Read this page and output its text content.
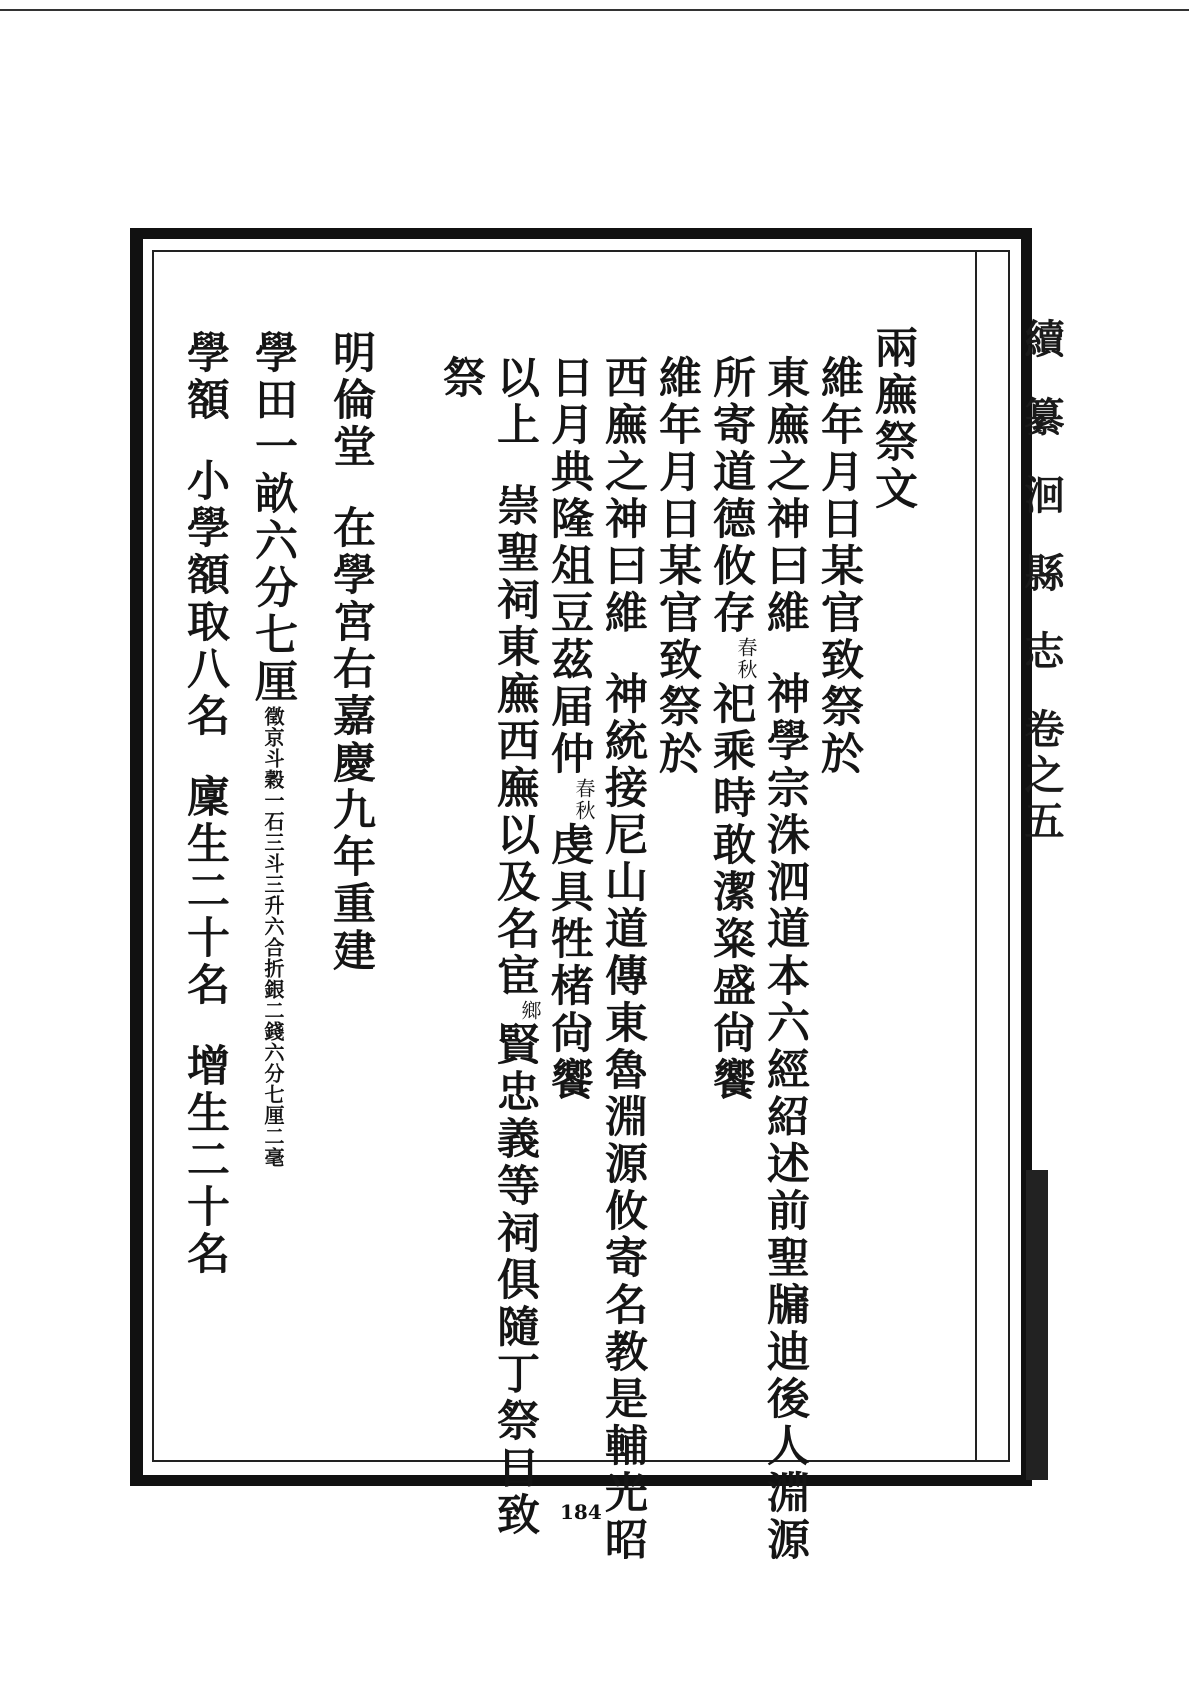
續纂洄縣志卷之五
兩廡祭文
維年月日某官致祭於
東廡之神曰維神學宗洙泗道本六經紹述前聖牖迪後人淵源
所寄道德攸存春秋祀乘時敢潔粢盛尙饗
維年月日某官致祭於
西廡之神曰維神統接尼山道傳東魯淵源攸寄名教是輔光昭
日月典隆俎豆茲届仲春秋虔具牲楮尙饗
以上崇聖祠東廡西廡以及名宦鄉賢忠義等祠俱隨丁祭日致
祭
明倫堂在學宮右嘉慶九年重建
學田一畝六分七厘徵京斗穀一石三斗三升六合折銀二錢六分七厘二毫
學額小學額取八名廩生二十名增生二十名
184
